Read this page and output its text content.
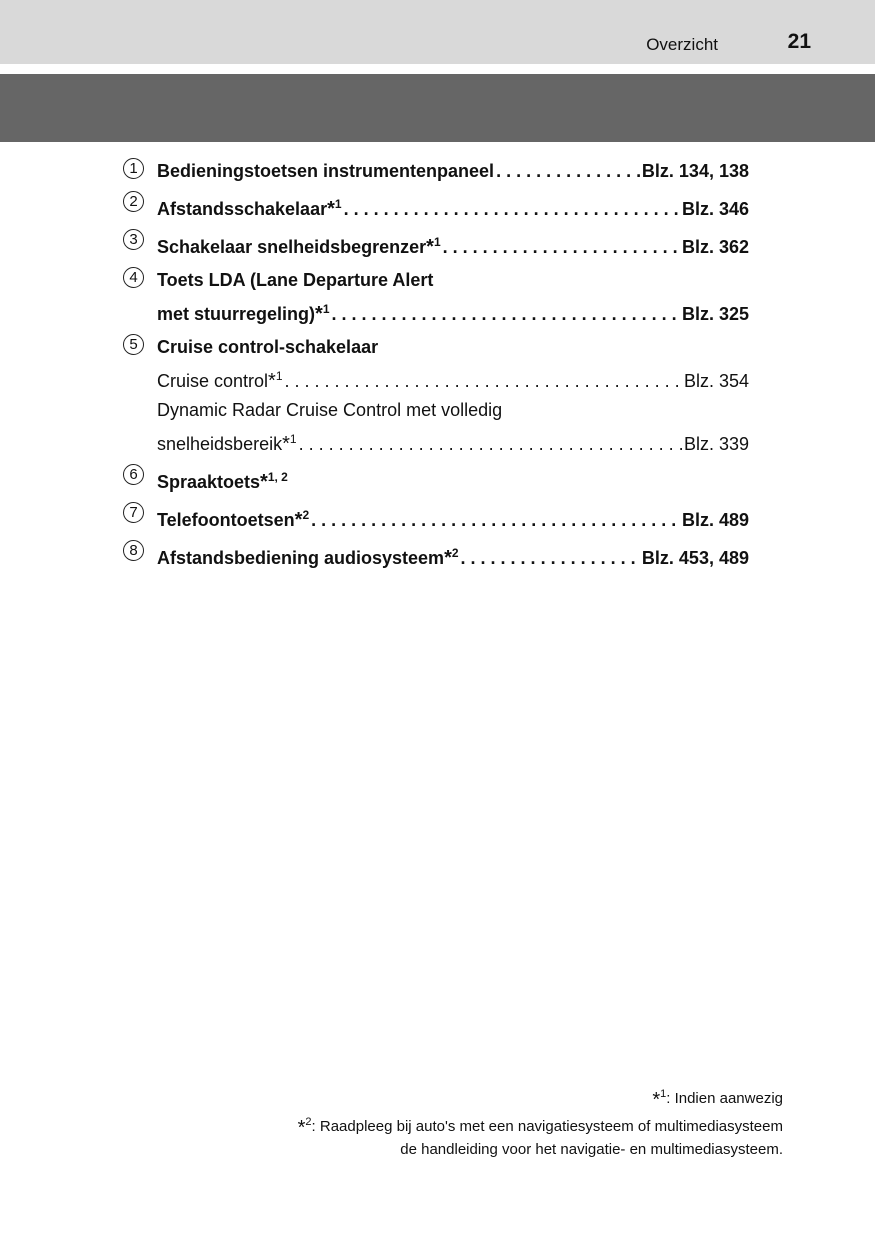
Overzicht	21
1	Bedieningstoetsen instrumentenpaneel . . .	Blz. 134, 138
2	Afstandsschakelaar*$^1$ . . .	Blz. 346
3	Schakelaar snelheidsbegrenzer*$^1$ . . .	Blz. 362
4	Toets LDA (Lane Departure Alert
met stuurregeling)*$^1$ . . .	Blz. 325
5	Cruise control-schakelaar
Cruise control*$^1$ . . .	Blz. 354
Dynamic Radar Cruise Control met volledig
snelheidsbereik*$^1$ . . .	Blz. 339
6	Spraaktoets*$^{1, 2}$
7	Telefoontoetsen*$^2$ . . .	Blz. 489
8	Afstandsbediening audiosysteem*$^2$ . . .	Blz. 453, 489
*$^1$: Indien aanwezig
*$^2$: Raadpleeg bij auto's met een navigatiesysteem of multimediasysteem
de handleiding voor het navigatie- en multimediasysteem.
